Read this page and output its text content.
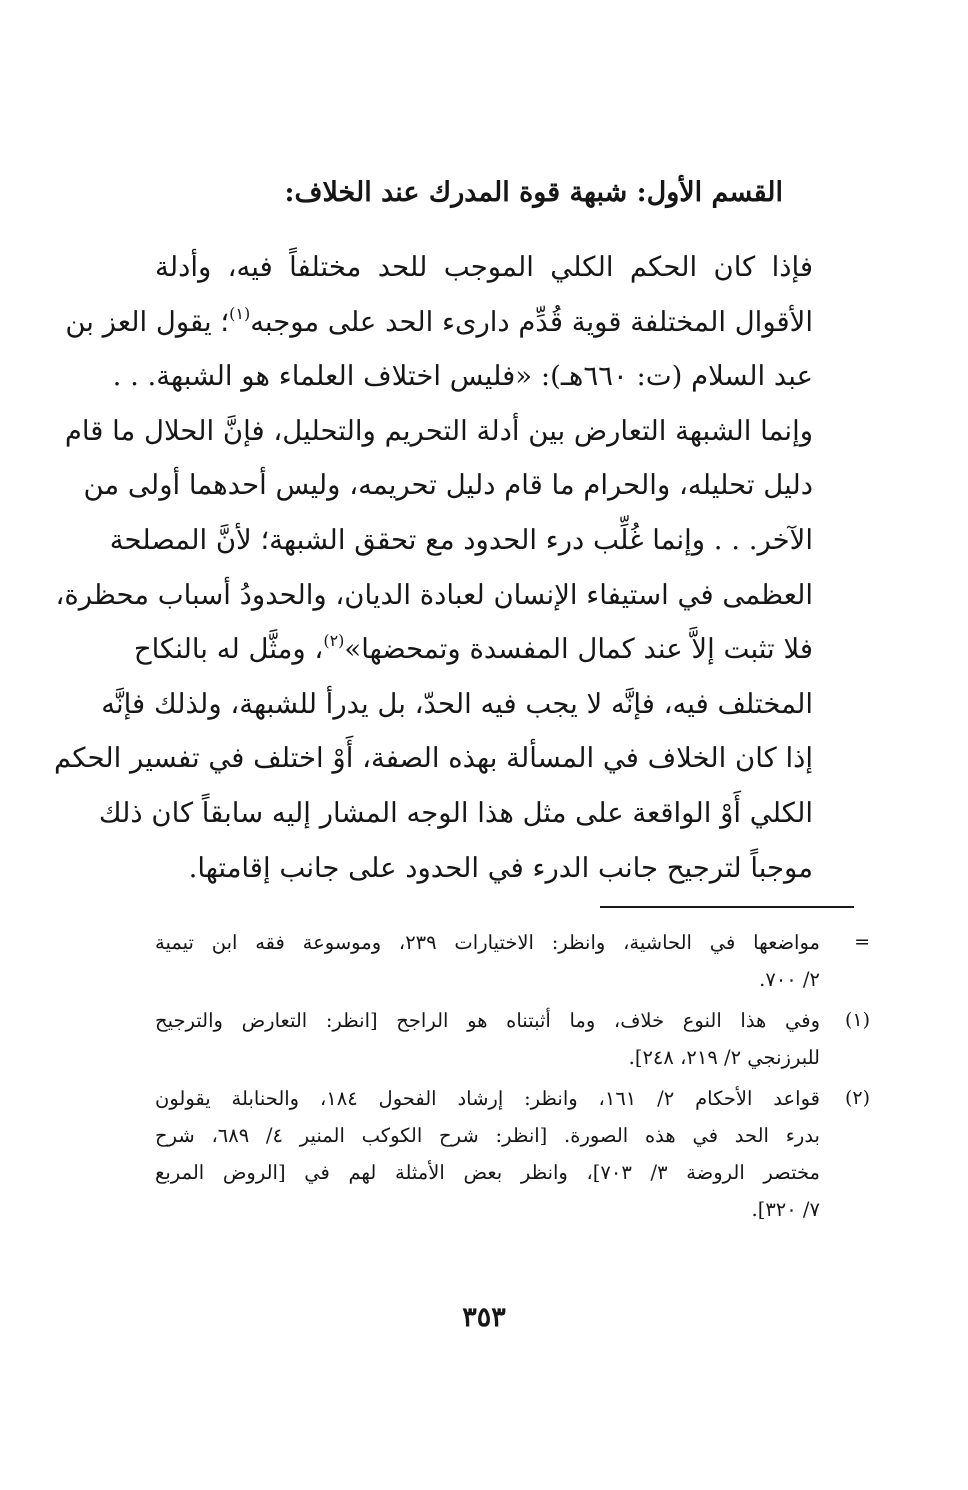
القسم الأول: شبهة قوة المدرك عند الخلاف:
فإذا كان الحكم الكلي الموجب للحد مختلفاً فيه، وأدلة
الأقوال المختلفة قوية قُدِّم دارىء الحد على موجبه$^{(١)}$؛ يقول العز بن
عبد السلام (ت: ٦٦٠هـ): «فليس اختلاف العلماء هو الشبهة. . .
وإنما الشبهة التعارض بين أدلة التحريم والتحليل، فإنَّ الحلال ما قام
دليل تحليله، والحرام ما قام دليل تحريمه، وليس أحدهما أولى من
الآخر. . . وإنما غُلِّب درء الحدود مع تحقق الشبهة؛ لأنَّ المصلحة
العظمى في استيفاء الإنسان لعبادة الديان، والحدودُ أسباب محظرة،
فلا تثبت إلاَّ عند كمال المفسدة وتمحضها»$^{(٢)}$، ومثَّل له بالنكاح
المختلف فيه، فإنَّه لا يجب فيه الحدّ، بل يدرأ للشبهة، ولذلك فإنَّه
إذا كان الخلاف في المسألة بهذه الصفة، أَوْ اختلف في تفسير الحكم
الكلي أَوْ الواقعة على مثل هذا الوجه المشار إليه سابقاً كان ذلك
موجباً لترجيح جانب الدرء في الحدود على جانب إقامتها.
=
مواضعها في الحاشية، وانظر: الاختيارات ٢٣٩، وموسوعة فقه ابن تيمية
٢/ ٧٠٠.
(١)
وفي هذا النوع خلاف، وما أثبتناه هو الراجح [انظر: التعارض والترجيح
للبرزنجي ٢/ ٢١٩، ٢٤٨].
(٢)
قواعد الأحكام ٢/ ١٦١، وانظر: إرشاد الفحول ١٨٤، والحنابلة يقولون
بدرء الحد في هذه الصورة. [انظر: شرح الكوكب المنير ٤/ ٦٨٩، شرح
مختصر الروضة ٣/ ٧٠٣]، وانظر بعض الأمثلة لهم في [الروض المربع
٧/ ٣٢٠].
٣٥٣
